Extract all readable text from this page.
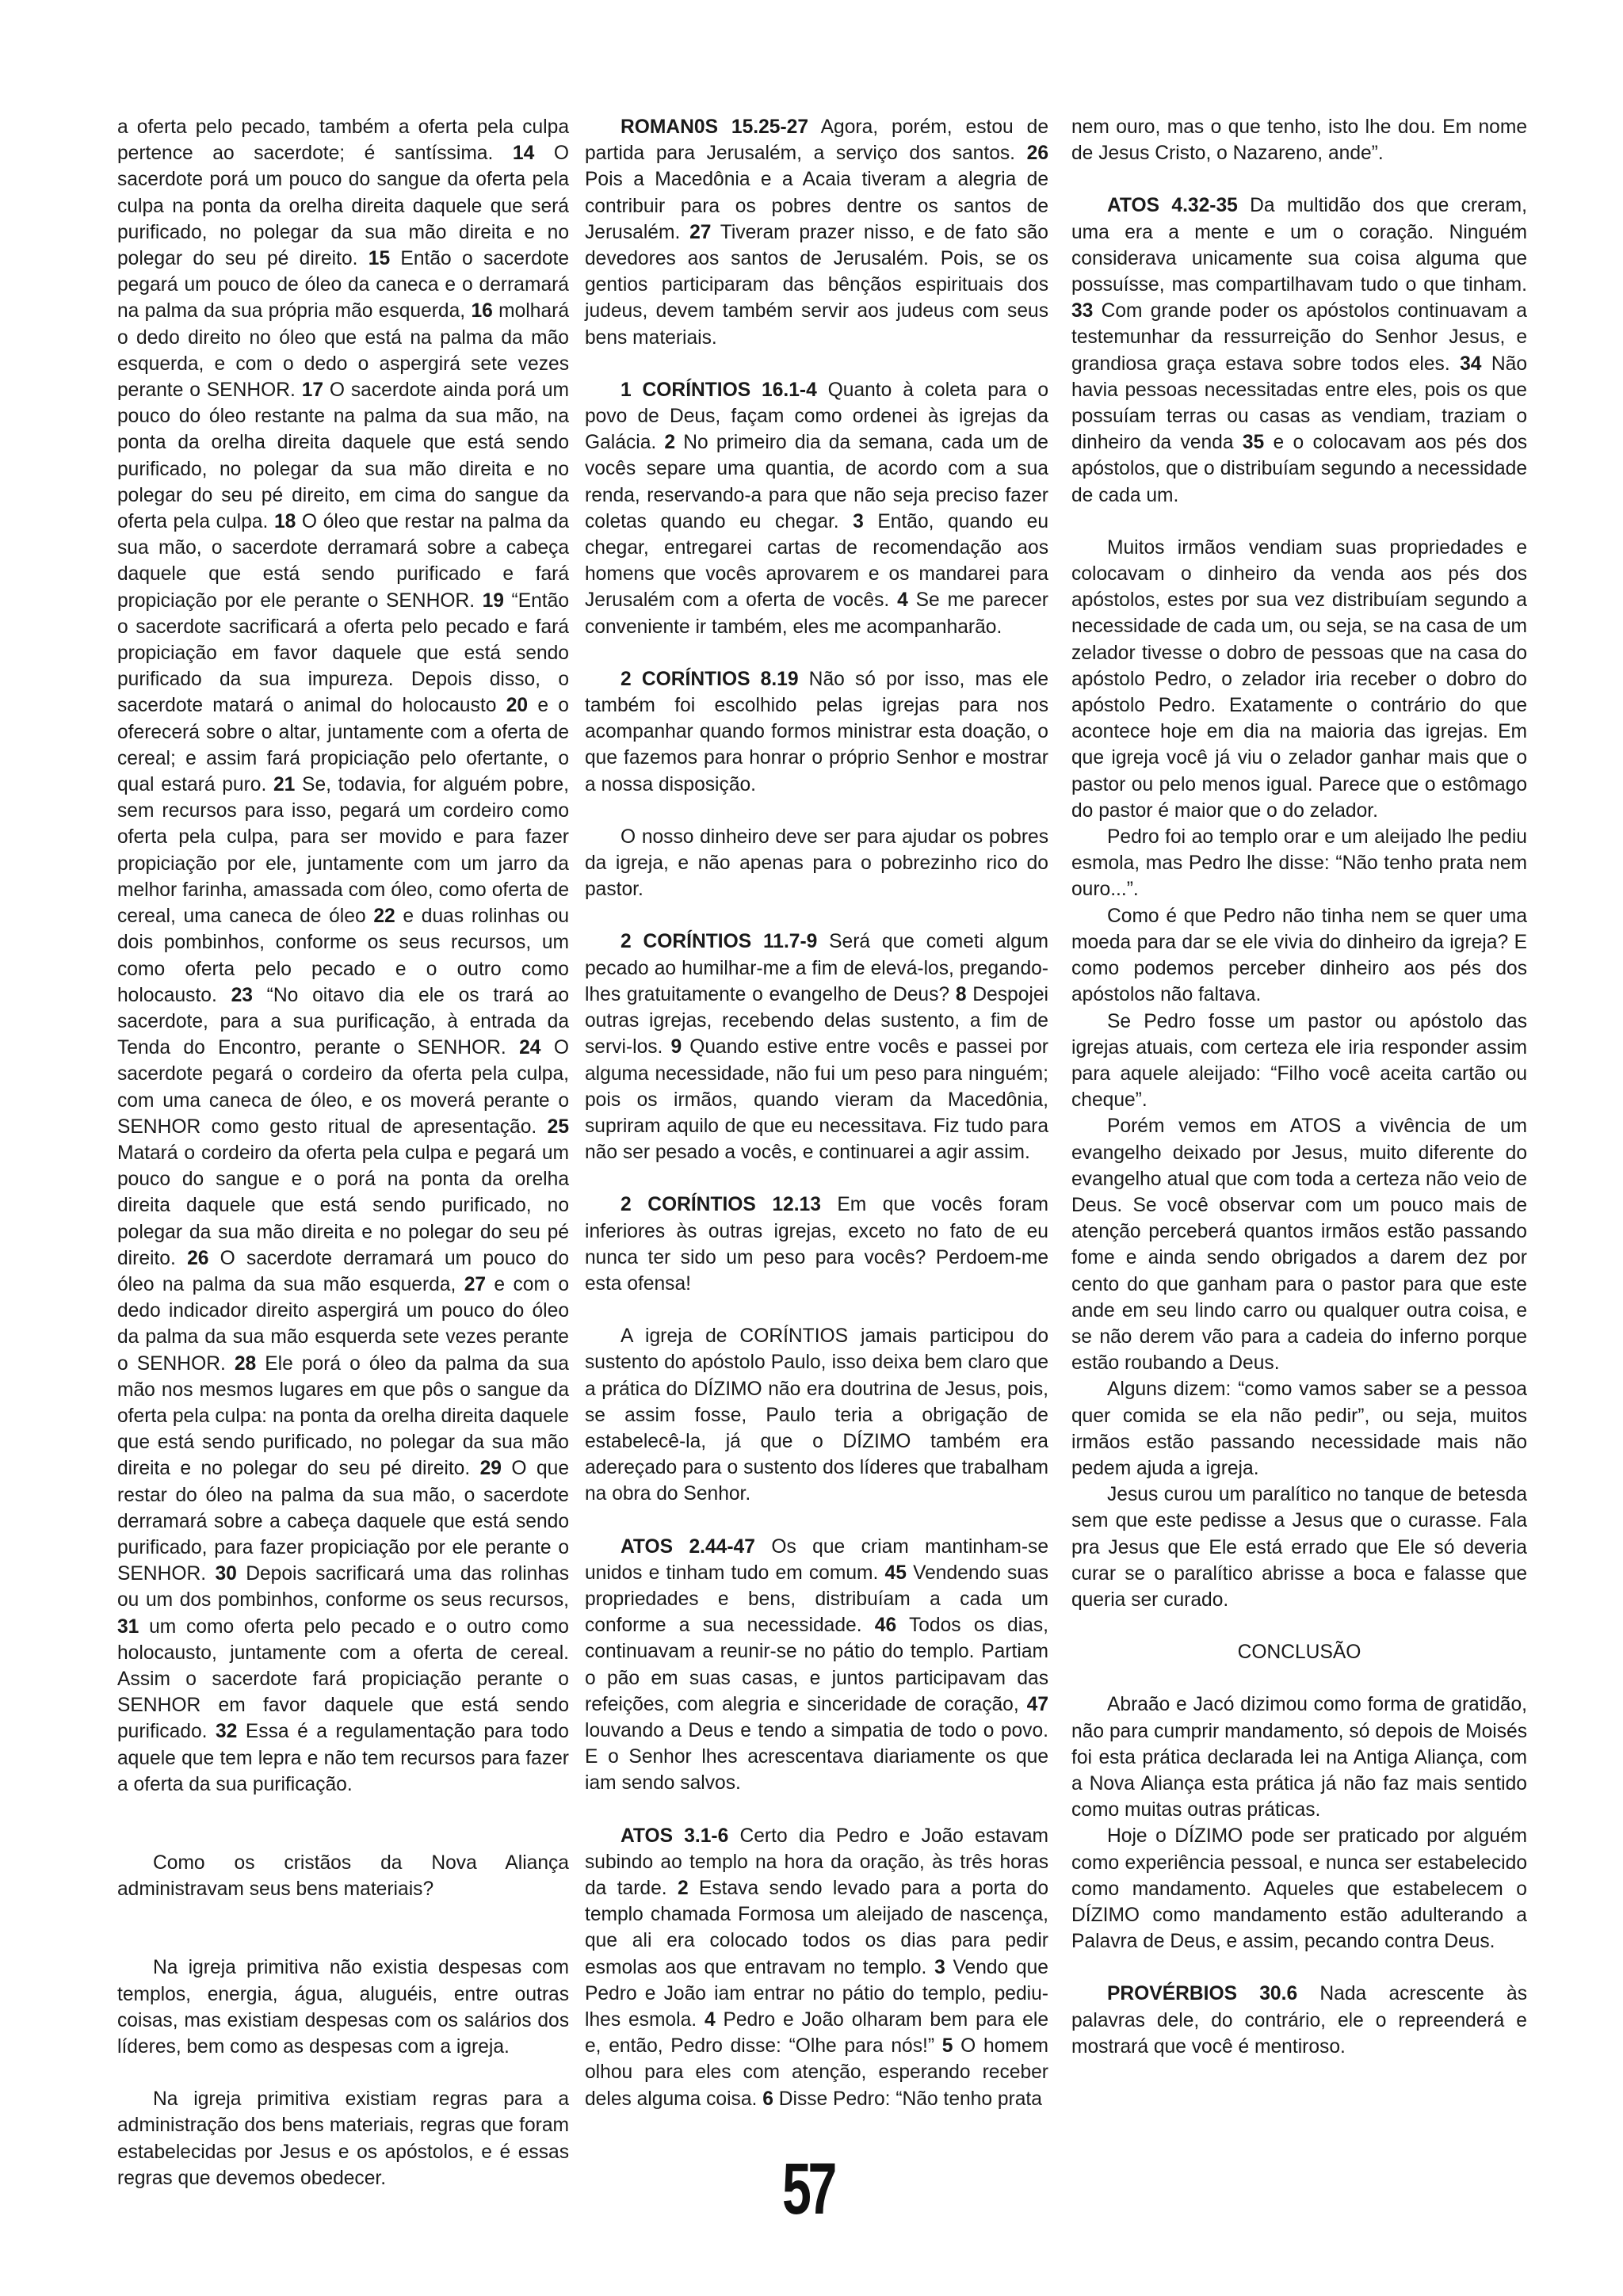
a oferta pelo pecado, também a oferta pela culpa pertence ao sacerdote; é santíssima. 14 O sacerdote porá um pouco do sangue da oferta pela culpa na ponta da orelha direita daquele que será purificado, no polegar da sua mão direita e no polegar do seu pé direito. 15 Então o sacerdote pegará um pouco de óleo da caneca e o derramará na palma da sua própria mão esquerda, 16 molhará o dedo direito no óleo que está na palma da mão esquerda, e com o dedo o aspergirá sete vezes perante o SENHOR. 17 O sacerdote ainda porá um pouco do óleo restante na palma da sua mão, na ponta da orelha direita daquele que está sendo purificado, no polegar da sua mão direita e no polegar do seu pé direito, em cima do sangue da oferta pela culpa. 18 O óleo que restar na palma da sua mão, o sacerdote derramará sobre a cabeça daquele que está sendo purificado e fará propiciação por ele perante o SENHOR. 19 “Então o sacerdote sacrificará a oferta pelo pecado e fará propiciação em favor daquele que está sendo purificado da sua impureza. Depois disso, o sacerdote matará o animal do holocausto 20 e o oferecerá sobre o altar, juntamente com a oferta de cereal; e assim fará propiciação pelo ofertante, o qual estará puro. 21 Se, todavia, for alguém pobre, sem recursos para isso, pegará um cordeiro como oferta pela culpa, para ser movido e para fazer propiciação por ele, juntamente com um jarro da melhor farinha, amassada com óleo, como oferta de cereal, uma caneca de óleo 22 e duas rolinhas ou dois pombinhos, conforme os seus recursos, um como oferta pelo pecado e o outro como holocausto. 23 “No oitavo dia ele os trará ao sacerdote, para a sua purificação, à entrada da Tenda do Encontro, perante o SENHOR. 24 O sacerdote pegará o cordeiro da oferta pela culpa, com uma caneca de óleo, e os moverá perante o SENHOR como gesto ritual de apresentação. 25 Matará o cordeiro da oferta pela culpa e pegará um pouco do sangue e o porá na ponta da orelha direita daquele que está sendo purificado, no polegar da sua mão direita e no polegar do seu pé direito. 26 O sacerdote derramará um pouco do óleo na palma da sua mão esquerda, 27 e com o dedo indicador direito aspergirá um pouco do óleo da palma da sua mão esquerda sete vezes perante o SENHOR. 28 Ele porá o óleo da palma da sua mão nos mesmos lugares em que pôs o sangue da oferta pela culpa: na ponta da orelha direita daquele que está sendo purificado, no polegar da sua mão direita e no polegar do seu pé direito. 29 O que restar do óleo na palma da sua mão, o sacerdote derramará sobre a cabeça daquele que está sendo purificado, para fazer propiciação por ele perante o SENHOR. 30 Depois sacrificará uma das rolinhas ou um dos pombinhos, conforme os seus recursos, 31 um como oferta pelo pecado e o outro como holocausto, juntamente com a oferta de cereal. Assim o sacerdote fará propiciação perante o SENHOR em favor daquele que está sendo purificado. 32 Essa é a regulamentação para todo aquele que tem lepra e não tem recursos para fazer a oferta da sua purificação.

Como os cristãos da Nova Aliança administravam seus bens materiais?

Na igreja primitiva não existia despesas com templos, energia, água, aluguéis, entre outras coisas, mas existiam despesas com os salários dos líderes, bem como as despesas com a igreja.

Na igreja primitiva existiam regras para a administração dos bens materiais, regras que foram estabelecidas por Jesus e os apóstolos, e é essas regras que devemos obedecer.

ROMAN0S 15.25-27 Agora, porém, estou de partida para Jerusalém, a serviço dos santos. 26 Pois a Macedônia e a Acaia tiveram a alegria de contribuir para os pobres dentre os santos de Jerusalém. 27 Tiveram prazer nisso, e de fato são devedores aos santos de Jerusalém. Pois, se os gentios participaram das bênçãos espirituais dos judeus, devem também servir aos judeus com seus bens materiais.

1 CORÍNTIOS 16.1-4 Quanto à coleta para o povo de Deus, façam como ordenei às igrejas da Galácia. 2 No primeiro dia da semana, cada um de vocês separe uma quantia, de acordo com a sua renda, reservando-a para que não seja preciso fazer coletas quando eu chegar. 3 Então, quando eu chegar, entregarei cartas de recomendação aos homens que vocês aprovarem e os mandarei para Jerusalém com a oferta de vocês. 4 Se me parecer conveniente ir também, eles me acompanharão.

2 CORÍNTIOS 8.19 Não só por isso, mas ele também foi escolhido pelas igrejas para nos acompanhar quando formos ministrar esta doação, o que fazemos para honrar o próprio Senhor e mostrar a nossa disposição.

O nosso dinheiro deve ser para ajudar os pobres da igreja, e não apenas para o pobrezinho rico do pastor.

2 CORÍNTIOS 11.7-9 Será que cometi algum pecado ao humilhar-me a fim de elevá-los, pregando-lhes gratuitamente o evangelho de Deus? 8 Despojei outras igrejas, recebendo delas sustento, a fim de servi-los. 9 Quando estive entre vocês e passei por alguma necessidade, não fui um peso para ninguém; pois os irmãos, quando vieram da Macedônia, supriram aquilo de que eu necessitava. Fiz tudo para não ser pesado a vocês, e continuarei a agir assim.

2 CORÍNTIOS 12.13 Em que vocês foram inferiores às outras igrejas, exceto no fato de eu nunca ter sido um peso para vocês? Perdoem-me esta ofensa!

A igreja de CORÍNTIOS jamais participou do sustento do apóstolo Paulo, isso deixa bem claro que a prática do DÍZIMO não era doutrina de Jesus, pois, se assim fosse, Paulo teria a obrigação de estabelecê-la, já que o DÍZIMO também era adereçado para o sustento dos líderes que trabalham na obra do Senhor.

ATOS 2.44-47 Os que criam mantinham-se unidos e tinham tudo em comum. 45 Vendendo suas propriedades e bens, distribuíam a cada um conforme a sua necessidade. 46 Todos os dias, continuavam a reunir-se no pátio do templo. Partiam o pão em suas casas, e juntos participavam das refeições, com alegria e sinceridade de coração, 47 louvando a Deus e tendo a simpatia de todo o povo. E o Senhor lhes acrescentava diariamente os que iam sendo salvos.

ATOS 3.1-6 Certo dia Pedro e João estavam subindo ao templo na hora da oração, às três horas da tarde. 2 Estava sendo levado para a porta do templo chamada Formosa um aleijado de nascença, que ali era colocado todos os dias para pedir esmolas aos que entravam no templo. 3 Vendo que Pedro e João iam entrar no pátio do templo, pediu-lhes esmola. 4 Pedro e João olharam bem para ele e, então, Pedro disse: “Olhe para nós!” 5 O homem olhou para eles com atenção, esperando receber deles alguma coisa. 6 Disse Pedro: “Não tenho prata

nem ouro, mas o que tenho, isto lhe dou. Em nome de Jesus Cristo, o Nazareno, ande”.

ATOS 4.32-35 Da multidão dos que creram, uma era a mente e um o coração. Ninguém considerava unicamente sua coisa alguma que possuísse, mas compartilhavam tudo o que tinham. 33 Com grande poder os apóstolos continuavam a testemunhar da ressurreição do Senhor Jesus, e grandiosa graça estava sobre todos eles. 34 Não havia pessoas necessitadas entre eles, pois os que possuíam terras ou casas as vendiam, traziam o dinheiro da venda 35 e o colocavam aos pés dos apóstolos, que o distribuíam segundo a necessidade de cada um.

Muitos irmãos vendiam suas propriedades e colocavam o dinheiro da venda aos pés dos apóstolos, estes por sua vez distribuíam segundo a necessidade de cada um, ou seja, se na casa de um zelador tivesse o dobro de pessoas que na casa do apóstolo Pedro, o zelador iria receber o dobro do apóstolo Pedro. Exatamente o contrário do que acontece hoje em dia na maioria das igrejas. Em que igreja você já viu o zelador ganhar mais que o pastor ou pelo menos igual. Parece que o estômago do pastor é maior que o do zelador.

Pedro foi ao templo orar e um aleijado lhe pediu esmola, mas Pedro lhe disse: “Não tenho prata nem ouro...”.

Como é que Pedro não tinha nem se quer uma moeda para dar se ele vivia do dinheiro da igreja? E como podemos perceber dinheiro aos pés dos apóstolos não faltava.

Se Pedro fosse um pastor ou apóstolo das igrejas atuais, com certeza ele iria responder assim para aquele aleijado: “Filho você aceita cartão ou cheque”.

Porém vemos em ATOS a vivência de um evangelho deixado por Jesus, muito diferente do evangelho atual que com toda a certeza não veio de Deus. Se você observar com um pouco mais de atenção perceberá quantos irmãos estão passando fome e ainda sendo obrigados a darem dez por cento do que ganham para o pastor para que este ande em seu lindo carro ou qualquer outra coisa, e se não derem vão para a cadeia do inferno porque estão roubando a Deus.

Alguns dizem: “como vamos saber se a pessoa quer comida se ela não pedir”, ou seja, muitos irmãos estão passando necessidade mais não pedem ajuda a igreja.

Jesus curou um paralítico no tanque de betesda sem que este pedisse a Jesus que o curasse. Fala pra Jesus que Ele está errado que Ele só deveria curar se o paralítico abrisse a boca e falasse que queria ser curado.

CONCLUSÃO

Abraão e Jacó dizimou como forma de gratidão, não para cumprir mandamento, só depois de Moisés foi esta prática declarada lei na Antiga Aliança, com a Nova Aliança esta prática já não faz mais sentido como muitas outras práticas.

Hoje o DÍZIMO pode ser praticado por alguém como experiência pessoal, e nunca ser estabelecido como mandamento. Aqueles que estabelecem o DÍZIMO como mandamento estão adulterando a Palavra de Deus, e assim, pecando contra Deus.

PROVÉRBIOS 30.6 Nada acrescente às palavras dele, do contrário, ele o repreenderá e mostrará que você é mentiroso.

57
